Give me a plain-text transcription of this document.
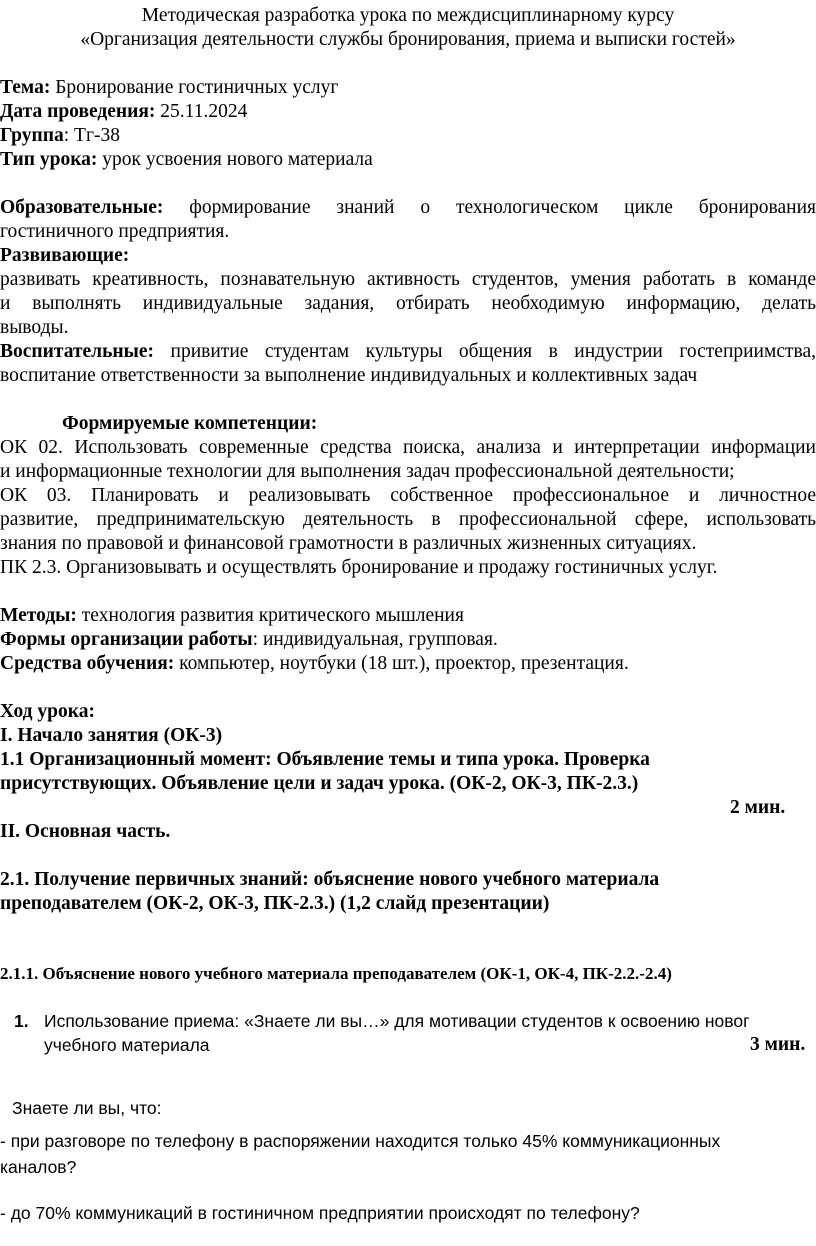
Методическая разработка урока по междисциплинарному курсу
«Организация деятельности службы бронирования, приема и выписки гостей»
Тема: Бронирование гостиничных услуг
Дата проведения: 25.11.2024
Группа: Тг-38
Тип урока: урок усвоения нового материала
Образовательные: формирование знаний о технологическом цикле бронирования
гостиничного предприятия.
Развивающие:
развивать креативность, познавательную активность студентов, умения работать в команде
и выполнять индивидуальные задания, отбирать необходимую информацию, делать
выводы.
Воспитательные: привитие студентам культуры общения в индустрии гостеприимства,
воспитание ответственности за выполнение индивидуальных и коллективных задач
Формируемые компетенции:
ОК 02. Использовать современные средства поиска, анализа и интерпретации информации
и информационные технологии для выполнения задач профессиональной деятельности;
ОК 03. Планировать и реализовывать собственное профессиональное и личностное
развитие, предпринимательскую деятельность в профессиональной сфере, использовать
знания по правовой и финансовой грамотности в различных жизненных ситуациях.
ПК 2.3. Организовывать и осуществлять бронирование и продажу гостиничных услуг.
Методы: технология развития критического мышления
Формы организации работы: индивидуальная, групповая.
Средства обучения: компьютер, ноутбуки (18 шт.), проектор, презентация.
Ход урока:
I. Начало занятия (ОК-3)
1.1 Организационный момент: Объявление темы и типа урока. Проверка
присутствующих. Объявление цели и задач урока. (ОК-2, ОК-3, ПК-2.3.)
2 мин.
II. Основная часть.
2.1. Получение первичных знаний: объяснение нового учебного материала
преподавателем (ОК-2, ОК-3, ПК-2.3.) (1,2 слайд презентации)
2.1.1. Объяснение нового учебного материала преподавателем (ОК-1, ОК-4, ПК-2.2.-2.4)
1. Использование приема: «Знаете ли вы…» для мотивации студентов к освоению новог
учебного материала	3 мин.
Знаете ли вы, что:
- при разговоре по телефону в распоряжении находится только 45% коммуникационных
каналов?
- до 70% коммуникаций в гостиничном предприятии происходят по телефону?
